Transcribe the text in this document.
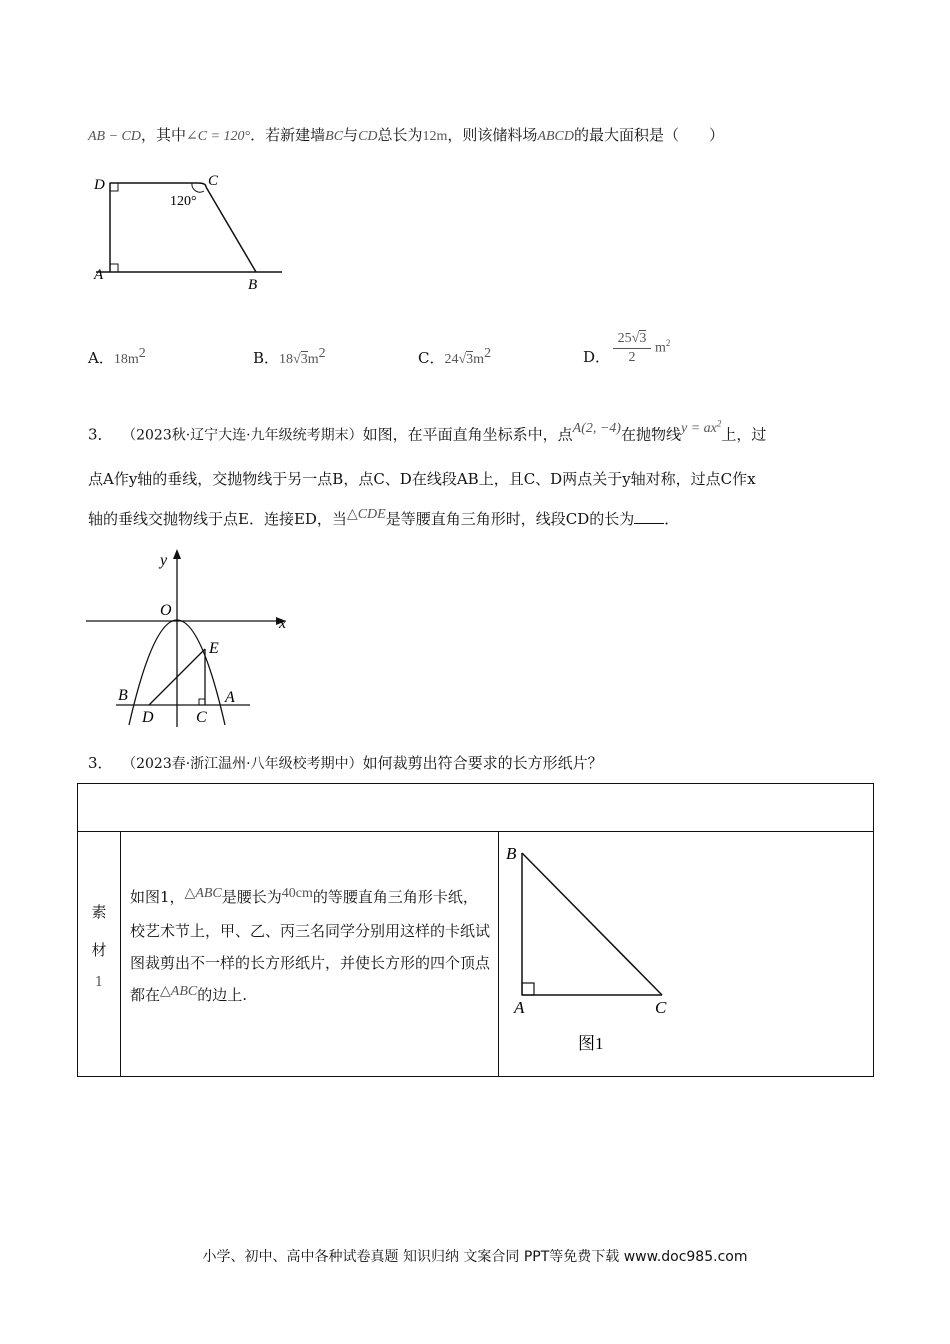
AB − CD，其中∠C = 120°．若新建墙BC与CD总长为12m，则该储料场ABCD的最大面积是（　　）
D	C
120°
A
B
A．$18m^2$	B．$18√3m^2$	C．$24√3m^2$	D． $\frac{25√3}{2} m^2$
3． （2023秋·辽宁大连·九年级统考期末）如图，在平面直角坐标系中，点A(2, −4)在抛物线$y = ax^2$上，过
点A作y轴的垂线，交抛物线于另一点B，点C、D在线段AB上，且C、D两点关于y轴对称，过点C作x
轴的垂线交抛物线于点E．连接ED，当△CDE是等腰直角三角形时，线段CD的长为 ．
y
x
O
E
B	A
D	C
3． （2023春·浙江温州·八年级校考期中）如何裁剪出符合要求的长方形纸片？
素
材
1
如图1，△ABC是腰长为40cm的等腰直角三角形卡纸，校艺术节上，甲、乙、丙三名同学分别用这样的卡纸试图裁剪出不一样的长方形纸片，并使长方形的四个顶点都在△ABC的边上.
B
A	C
图1
小学、初中、高中各种试卷真题 知识归纳 文案合同 PPT等免费下载 www.doc985.com
